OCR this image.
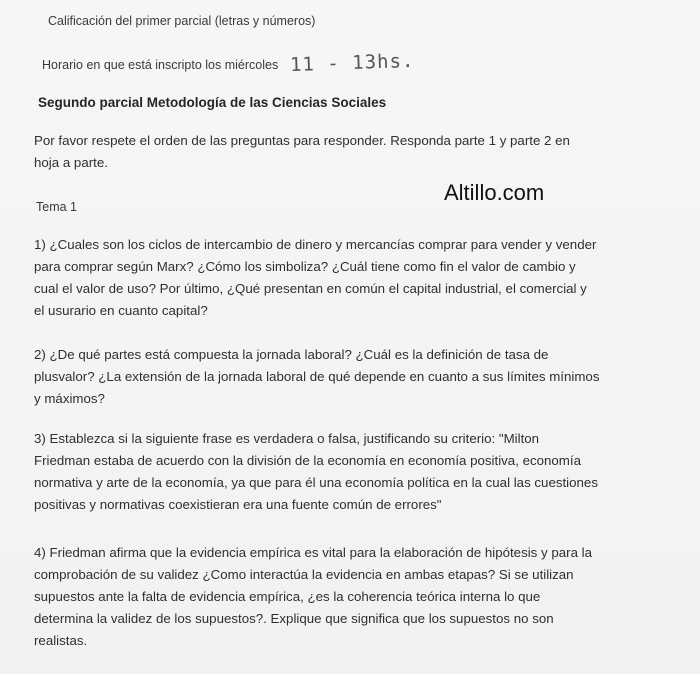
Calificación del primer parcial (letras y números)
Horario en que está inscripto los miércoles 11 - 13hs.
Segundo parcial Metodología de las Ciencias Sociales

Por favor respete el orden de las preguntas para responder. Responda parte 1 y parte 2 en

hoja a parte.

Altillo.com
Tema 1

1) ¿Cuales son los ciclos de intercambio de dinero y mercancías comprar para vender y vender

para comprar según Marx? ¿Cómo los simboliza? ¿Cuál tiene como fin el valor de cambio y

cual el valor de uso? Por último, ¿Qué presentan en común el capital industrial, el comercial y

el usurario en cuanto capital?

2) ¿De qué partes está compuesta la jornada laboral? ¿Cuál es la definición de tasa de

plusvalor? ¿La extensión de la jornada laboral de qué depende en cuanto a sus límites mínimos

y máximos?

3) Establezca si la siguiente frase es verdadera o falsa, justificando su criterio: "Milton

Friedman estaba de acuerdo con la división de la economía en economía positiva, economía

normativa y arte de la economía, ya que para él una economía política en la cual las cuestiones

positivas y normativas coexistieran era una fuente común de errores"

4) Friedman afirma que la evidencia empírica es vital para la elaboración de hipótesis y para la

comprobación de su validez ¿Como interactúa la evidencia en ambas etapas? Si se utilizan

supuestos ante la falta de evidencia empírica, ¿es la coherencia teórica interna lo que

determina la validez de los supuestos?. Explique que significa que los supuestos no son

realistas.
